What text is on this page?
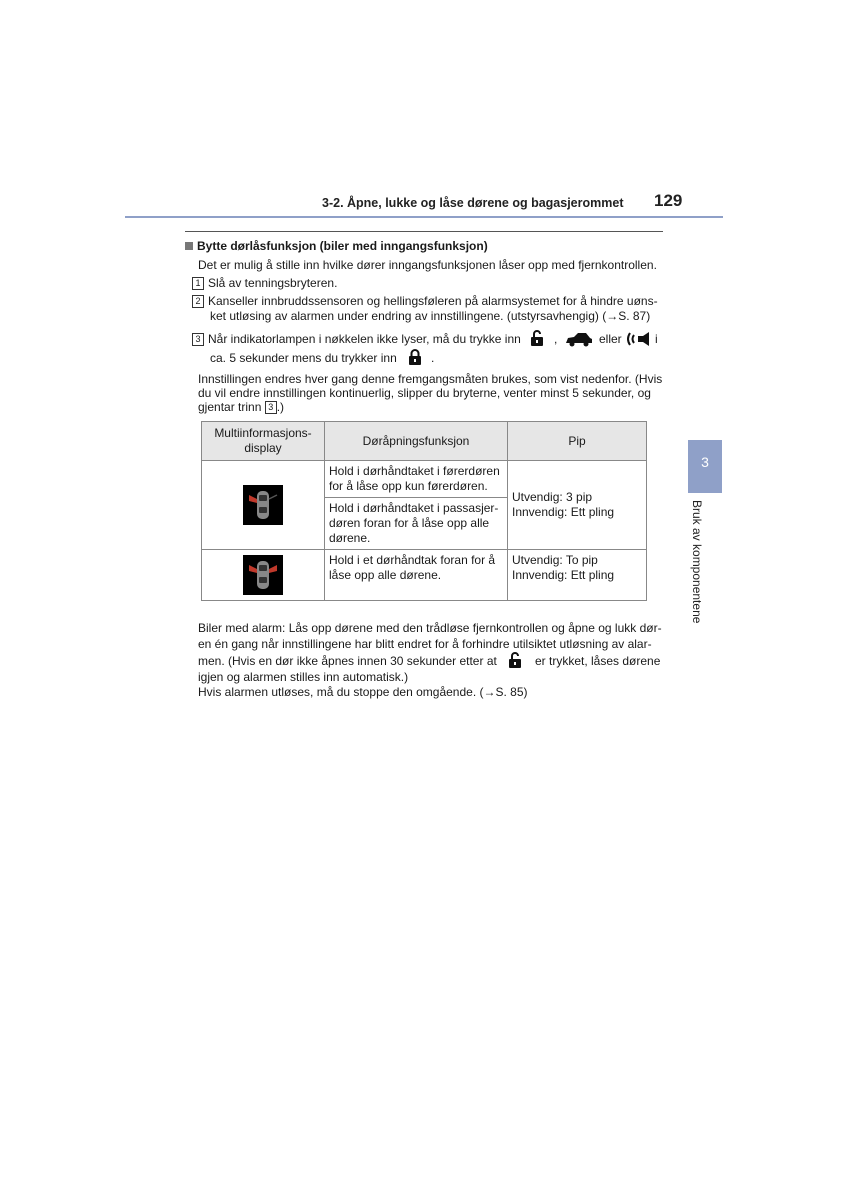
3-2. Åpne, lukke og låse dørene og bagasjerommet 129
3
Bruk av komponentene
Bytte dørlåsfunksjon (biler med inngangsfunksjon)
Det er mulig å stille inn hvilke dører inngangsfunksjonen låser opp med fjernkontrollen.
1 Slå av tenningsbryteren.
2 Kanseller innbruddssensoren og hellingsføleren på alarmsystemet for å hindre uøns-
ket utløsing av alarmen under endring av innstillingene. (utstyrsavhengig) (→S. 87)
3 Når indikatorlampen i nøkkelen ikke lyser, må du trykke inn	,	eller	i
ca. 5 sekunder mens du trykker inn	.
Innstillingen endres hver gang denne fremgangsmåten brukes, som vist nedenfor. (Hvis
du vil endre innstillingen kontinuerlig, slipper du bryterne, venter minst 5 sekunder, og
gjentar trinn 3 .)
Multiinformasjons-
display	Døråpningsfunksjon	Pip

	Hold i dørhåndtaket i førerdøren
for å låse opp kun førerdøren.	Utvendig: 3 pip
Innvendig: Ett pling
	Hold i dørhåndtaket i passasjer-
døren foran for å låse opp alle
dørene.	

	Hold i et dørhåndtak foran for å
låse opp alle dørene.	Utvendig: To pip
Innvendig: Ett pling
Biler med alarm: Lås opp dørene med den trådløse fjernkontrollen og åpne og lukk dør-
en én gang når innstillingene har blitt endret for å forhindre utilsiktet utløsning av alar-
men. (Hvis en dør ikke åpnes innen 30 sekunder etter at	er trykket, låses dørene
igjen og alarmen stilles inn automatisk.)
Hvis alarmen utløses, må du stoppe den omgående. (→S. 85)
